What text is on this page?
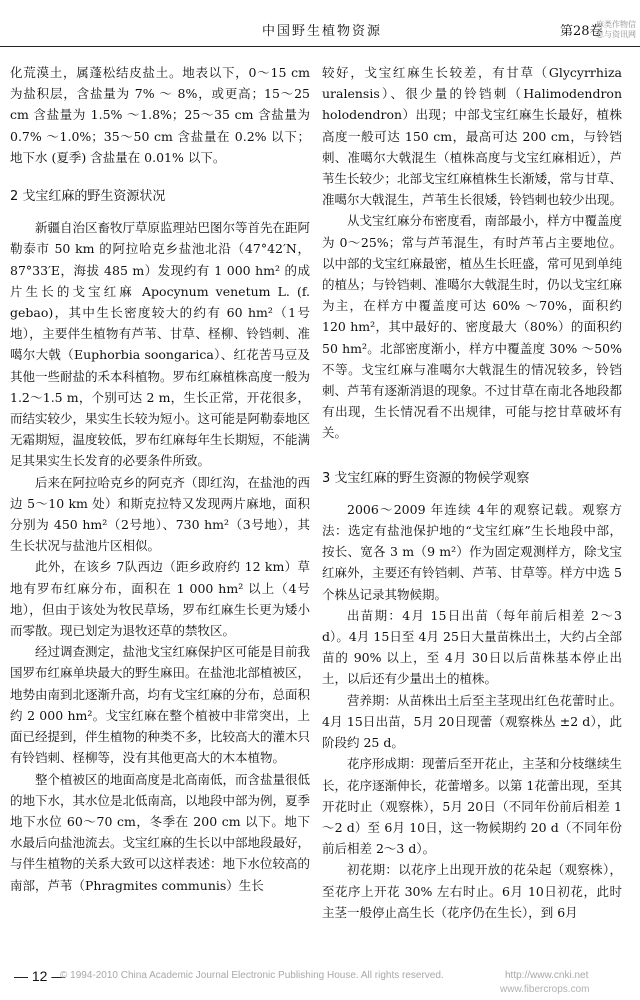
中国野生植物资源	第28卷
麻类作物信息与资讯网

化荒漠土，属蓬松结皮盐土。地表以下，0～15 cm 为盐积层，含盐量为 7% ～ 8%，或更高；15～25 cm 含盐量为 1.5% ～1.8%；25～35 cm 含盐量为 0.7% ～1.0%；35～50 cm 含盐量在 0.2% 以下；地下水 (夏季) 含盐量在 0.01% 以下。

2 戈宝红麻的野生资源状况

新疆自治区畜牧厅草原监理站巴图尔等首先在距阿勒泰市 50 km 的阿拉哈克乡盐池北沿（47°42′N，87°33′E，海拔 485 m）发现约有 1 000 hm² 的成片生长的戈宝红麻 Apocynum venetum L. (f. gebao)，其中生长密度较大的约有 60 hm²（1号地），主要伴生植物有芦苇、甘草、柽柳、铃铛刺、准噶尔大戟（Euphorbia soongarica）、红花苦马豆及其他一些耐盐的禾本科植物。罗布红麻植株高度一般为 1.2～1.5 m，个别可达 2 m，生长正常，开花很多，而结实较少，果实生长较为短小。这可能是阿勒泰地区无霜期短，温度较低，罗布红麻每年生长期短，不能满足其果实生长发育的必要条件所致。

后来在阿拉哈克乡的阿克齐（即红沟，在盐池的西边 5～10 km 处）和斯克拉特又发现两片麻地，面积分别为 450 hm²（2号地）、730 hm²（3号地），其生长状况与盐池片区相似。

此外，在该乡 7队西边（距乡政府约 12 km）草地有罗布红麻分布，面积在 1 000 hm² 以上（4号地），但由于该处为牧民草场，罗布红麻生长更为矮小而零散。现已划定为退牧还草的禁牧区。

经过调查测定，盐池戈宝红麻保护区可能是目前我国罗布红麻单块最大的野生麻田。在盐池北部植被区，地势由南到北逐渐升高，均有戈宝红麻的分布，总面积约 2 000 hm²。戈宝红麻在整个植被中非常突出，上面已经提到，伴生植物的种类不多，比较高大的灌木只有铃铛刺、柽柳等，没有其他更高大的木本植物。

整个植被区的地面高度是北高南低，而含盐量很低的地下水，其水位是北低南高，以地段中部为例，夏季地下水位 60～70 cm，冬季在 200 cm 以下。地下水最后向盐池流去。戈宝红麻的生长以中部地段最好，与伴生植物的关系大致可以这样表述：地下水位较高的南部，芦苇（Phragmites communis）生长

较好，戈宝红麻生长较差，有甘草（Glycyrrhiza uralensis）、很少量的铃铛刺（Halimodendron holodendron）出现；中部戈宝红麻生长最好，植株高度一般可达 150 cm，最高可达 200 cm，与铃铛刺、准噶尔大戟混生（植株高度与戈宝红麻相近），芦苇生长较少；北部戈宝红麻植株生长渐矮，常与甘草、准噶尔大戟混生，芦苇生长很矮，铃铛刺也较少出现。

从戈宝红麻分布密度看，南部最小，样方中覆盖度为 0～25%；常与芦苇混生，有时芦苇占主要地位。以中部的戈宝红麻最密，植丛生长旺盛，常可见到单纯的植丛；与铃铛刺、准噶尔大戟混生时，仍以戈宝红麻为主，在样方中覆盖度可达 60% ～70%，面积约 120 hm²，其中最好的、密度最大（80%）的面积约 50 hm²。北部密度渐小，样方中覆盖度 30% ～50% 不等。戈宝红麻与准噶尔大戟混生的情况较多，铃铛刺、芦苇有逐渐消退的现象。不过甘草在南北各地段都有出现，生长情况看不出规律，可能与挖甘草破坏有关。

3 戈宝红麻的野生资源的物候学观察

2006～2009 年连续 4年的观察记载。观察方法：选定有盐池保护地的“戈宝红麻”生长地段中部，按长、宽各 3 m（9 m²）作为固定观测样方，除戈宝红麻外，主要还有铃铛刺、芦苇、甘草等。样方中选 5个株丛记录其物候期。

出苗期：4月 15日出苗（每年前后相差 2～3 d）。4月 15日至 4月 25日大量苗株出土，大约占全部苗的 90% 以上，至 4月 30日以后苗株基本停止出土，以后还有少量出土的植株。

营养期：从苗株出土后至主茎现出红色花蕾时止。4月 15日出苗，5月 20日现蕾（观察株丛 ±2 d），此阶段约 25 d。

花序形成期：现蕾后至开花止，主茎和分枝继续生长，花序逐渐伸长，花蕾增多。以第 1花蕾出现，至其开花时止（观察株），5月 20日（不同年份前后相差 1～2 d）至 6月 10日，这一物候期约 20 d（不同年份前后相差 2～3 d）。

初花期：以花序上出现开放的花朵起（观察株），至花序上开花 30% 左右时止。6月 10日初花，此时主茎一般停止高生长（花序仍在生长），到 6月

— 12 —
© 1994-2010 China Academic Journal Electronic Publishing House. All rights reserved.	http://www.cnki.net
www.fibercrops.com
